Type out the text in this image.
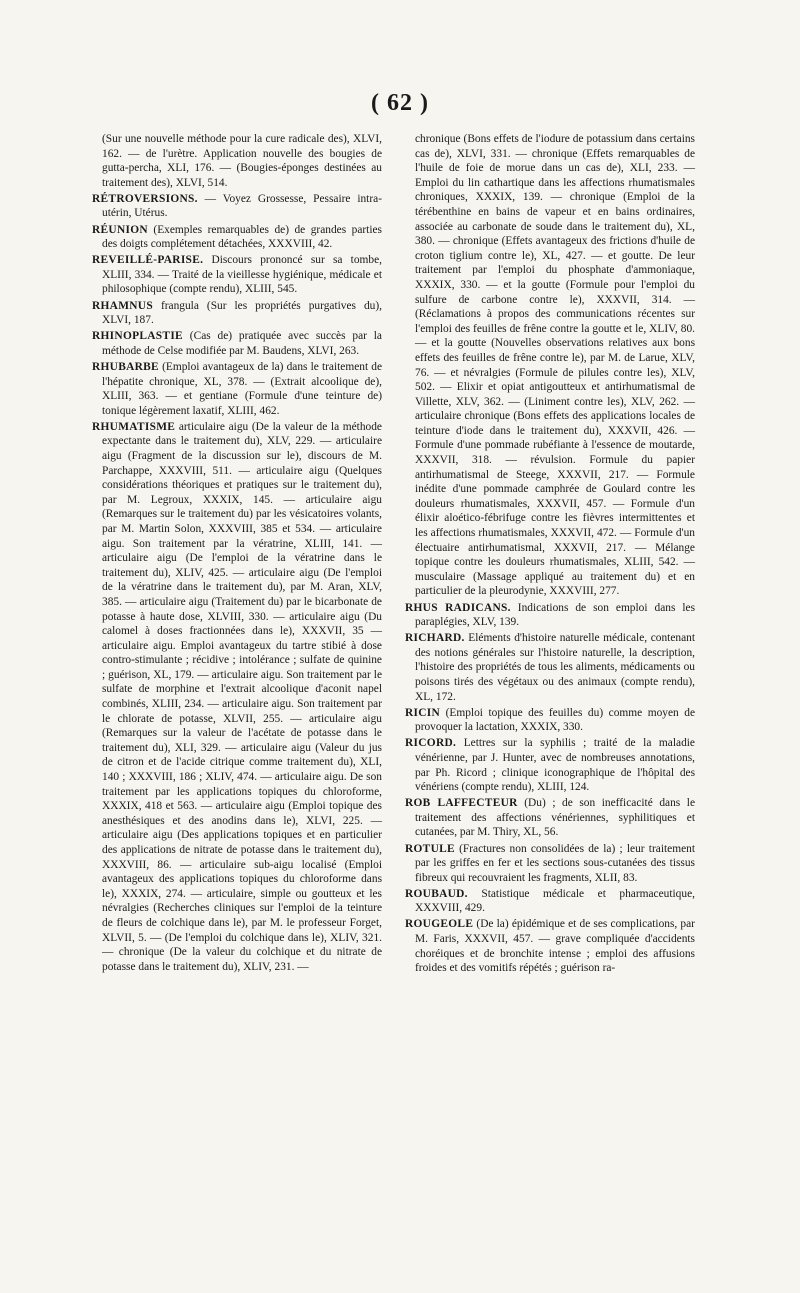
( 62 )

(Sur une nouvelle méthode pour la cure radicale des), XLVI, 162. — de l'urètre. Application nouvelle des bougies de gutta-percha, XLI, 176. — (Bougies-éponges destinées au traitement des), XLVI, 514.

RÉTROVERSIONS. — Voyez Grossesse, Pessaire intra-utérin, Utérus.

RÉUNION (Exemples remarquables de) de grandes parties des doigts complétement détachées, XXXVIII, 42.

REVEILLÉ-PARISE. Discours prononcé sur sa tombe, XLIII, 334. — Traité de la vieillesse hygiénique, médicale et philosophique (compte rendu), XLIII, 545.

RHAMNUS frangula (Sur les propriétés purgatives du), XLVI, 187.

RHINOPLASTIE (Cas de) pratiquée avec succès par la méthode de Celse modifiée par M. Baudens, XLVI, 263.

RHUBARBE (Emploi avantageux de la) dans le traitement de l'hépatite chronique, XL, 378. — (Extrait alcoolique de), XLIII, 363. — et gentiane (Formule d'une teinture de) tonique légèrement laxatif, XLIII, 462.

RHUMATISME articulaire aigu (De la valeur de la méthode expectante dans le traitement du), XLV, 229. — articulaire aigu (Fragment de la discussion sur le), discours de M. Parchappe, XXXVIII, 511. — articulaire aigu (Quelques considérations théoriques et pratiques sur le traitement du), par M. Legroux, XXXIX, 145. — articulaire aigu (Remarques sur le traitement du) par les vésicatoires volants, par M. Martin Solon, XXXVIII, 385 et 534. — articulaire aigu. Son traitement par la vératrine, XLIII, 141. — articulaire aigu (De l'emploi de la vératrine dans le traitement du), XLIV, 425. — articulaire aigu (De l'emploi de la vératrine dans le traitement du), par M. Aran, XLV, 385. — articulaire aigu (Traitement du) par le bicarbonate de potasse à haute dose, XLVIII, 330. — articulaire aigu (Du calomel à doses fractionnées dans le), XXXVII, 35 — articulaire aigu. Emploi avantageux du tartre stibié à dose contro-stimulante ; récidive ; intolérance ; sulfate de quinine ; guérison, XL, 179. — articulaire aigu. Son traitement par le sulfate de morphine et l'extrait alcoolique d'aconit napel combinés, XLIII, 234. — articulaire aigu. Son traitement par le chlorate de potasse, XLVII, 255. — articulaire aigu (Remarques sur la valeur de l'acétate de potasse dans le traitement du), XLI, 329. — articulaire aigu (Valeur du jus de citron et de l'acide citrique comme traitement du), XLI, 140 ; XXXVIII, 186 ; XLIV, 474. — articulaire aigu. De son traitement par les applications topiques du chloroforme, XXXIX, 418 et 563. — articulaire aigu (Emploi topique des anesthésiques et des anodins dans le), XLVI, 225. — articulaire aigu (Des applications topiques et en particulier des applications de nitrate de potasse dans le traitement du), XXXVIII, 86. — articulaire sub-aigu localisé (Emploi avantageux des applications topiques du chloroforme dans le), XXXIX, 274. — articulaire, simple ou goutteux et les névralgies (Recherches cliniques sur l'emploi de la teinture de fleurs de colchique dans le), par M. le professeur Forget, XLVII, 5. — (De l'emploi du colchique dans le), XLIV, 321. — chronique (De la valeur du colchique et du nitrate de potasse dans le traitement du), XLIV, 231. —

chronique (Bons effets de l'iodure de potassium dans certains cas de), XLVI, 331. — chronique (Effets remarquables de l'huile de foie de morue dans un cas de), XLI, 233. — Emploi du lin cathartique dans les affections rhumatismales chroniques, XXXIX, 139. — chronique (Emploi de la térébenthine en bains de vapeur et en bains ordinaires, associée au carbonate de soude dans le traitement du), XL, 380. — chronique (Effets avantageux des frictions d'huile de croton tiglium contre le), XL, 427. — et goutte. De leur traitement par l'emploi du phosphate d'ammoniaque, XXXIX, 330. — et la goutte (Formule pour l'emploi du sulfure de carbone contre le), XXXVII, 314. — (Réclamations à propos des communications récentes sur l'emploi des feuilles de frêne contre la goutte et le, XLIV, 80. — et la goutte (Nouvelles observations relatives aux bons effets des feuilles de frêne contre le), par M. de Larue, XLV, 76. — et névralgies (Formule de pilules contre les), XLV, 502. — Elixir et opiat antigoutteux et antirhumatismal de Villette, XLV, 362. — (Liniment contre les), XLV, 262. — articulaire chronique (Bons effets des applications locales de teinture d'iode dans le traitement du), XXXVII, 426. — Formule d'une pommade rubéfiante à l'essence de moutarde, XXXVII, 318. — révulsion. Formule du papier antirhumatismal de Steege, XXXVII, 217. — Formule inédite d'une pommade camphrée de Goulard contre les douleurs rhumatismales, XXXVII, 457. — Formule d'un élixir aloético-fébrifuge contre les fièvres intermittentes et les affections rhumatismales, XXXVII, 472. — Formule d'un électuaire antirhumatismal, XXXVII, 217. — Mélange topique contre les douleurs rhumatismales, XLIII, 542. — musculaire (Massage appliqué au traitement du) et en particulier de la pleurodynie, XXXVIII, 277.

RHUS RADICANS. Indications de son emploi dans les paraplégies, XLV, 139.

RICHARD. Eléments d'histoire naturelle médicale, contenant des notions générales sur l'histoire naturelle, la description, l'histoire des propriétés de tous les aliments, médicaments ou poisons tirés des végétaux ou des animaux (compte rendu), XL, 172.

RICIN (Emploi topique des feuilles du) comme moyen de provoquer la lactation, XXXIX, 330.

RICORD. Lettres sur la syphilis ; traité de la maladie vénérienne, par J. Hunter, avec de nombreuses annotations, par Ph. Ricord ; clinique iconographique de l'hôpital des vénériens (compte rendu), XLIII, 124.

ROB LAFFECTEUR (Du) ; de son inefficacité dans le traitement des affections vénériennes, syphilitiques et cutanées, par M. Thiry, XL, 56.

ROTULE (Fractures non consolidées de la) ; leur traitement par les griffes en fer et les sections sous-cutanées des tissus fibreux qui recouvraient les fragments, XLII, 83.

ROUBAUD. Statistique médicale et pharmaceutique, XXXVIII, 429.

ROUGEOLE (De la) épidémique et de ses complications, par M. Faris, XXXVII, 457. — grave compliquée d'accidents choréiques et de bronchite intense ; emploi des affusions froides et des vomitifs répétés ; guérison ra-
